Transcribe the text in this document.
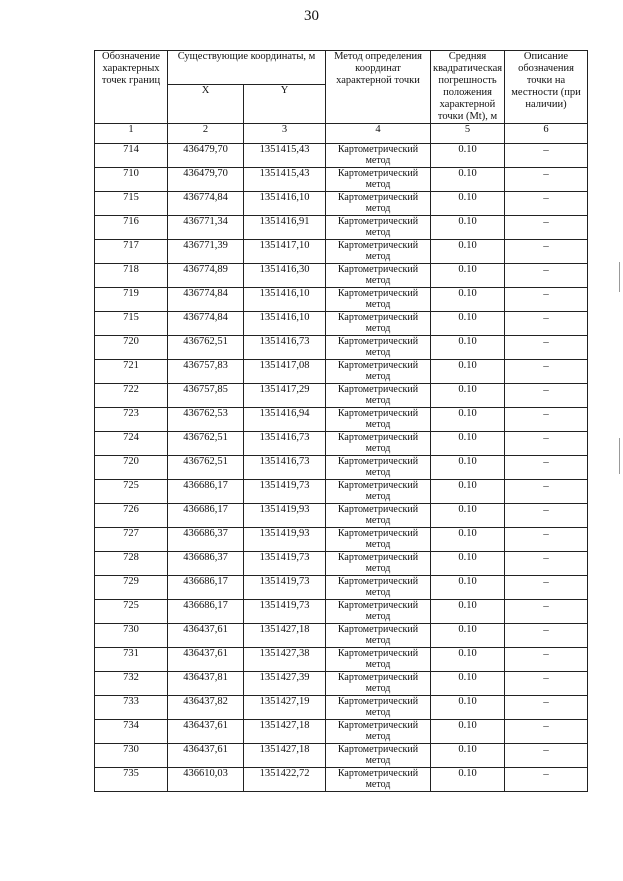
30
Обозначение характерных точек границ	Существующие координаты, м		Метод определения координат характерной точки	Средняя квадратическая погрешность положения характерной точки (Mt), м	Описание обозначения точки на местности (при наличии)
	X	Y			
1	2	3	4	5	6
714	436479,70	1351415,43	Картометрический метод	0.10	–
710	436479,70	1351415,43	Картометрический метод	0.10	–
715	436774,84	1351416,10	Картометрический метод	0.10	–
716	436771,34	1351416,91	Картометрический метод	0.10	–
717	436771,39	1351417,10	Картометрический метод	0.10	–
718	436774,89	1351416,30	Картометрический метод	0.10	–
719	436774,84	1351416,10	Картометрический метод	0.10	–
715	436774,84	1351416,10	Картометрический метод	0.10	–
720	436762,51	1351416,73	Картометрический метод	0.10	–
721	436757,83	1351417,08	Картометрический метод	0.10	–
722	436757,85	1351417,29	Картометрический метод	0.10	–
723	436762,53	1351416,94	Картометрический метод	0.10	–
724	436762,51	1351416,73	Картометрический метод	0.10	–
720	436762,51	1351416,73	Картометрический метод	0.10	–
725	436686,17	1351419,73	Картометрический метод	0.10	–
726	436686,17	1351419,93	Картометрический метод	0.10	–
727	436686,37	1351419,93	Картометрический метод	0.10	–
728	436686,37	1351419,73	Картометрический метод	0.10	–
729	436686,17	1351419,73	Картометрический метод	0.10	–
725	436686,17	1351419,73	Картометрический метод	0.10	–
730	436437,61	1351427,18	Картометрический метод	0.10	–
731	436437,61	1351427,38	Картометрический метод	0.10	–
732	436437,81	1351427,39	Картометрический метод	0.10	–
733	436437,82	1351427,19	Картометрический метод	0.10	–
734	436437,61	1351427,18	Картометрический метод	0.10	–
730	436437,61	1351427,18	Картометрический метод	0.10	–
735	436610,03	1351422,72	Картометрический метод	0.10	–
